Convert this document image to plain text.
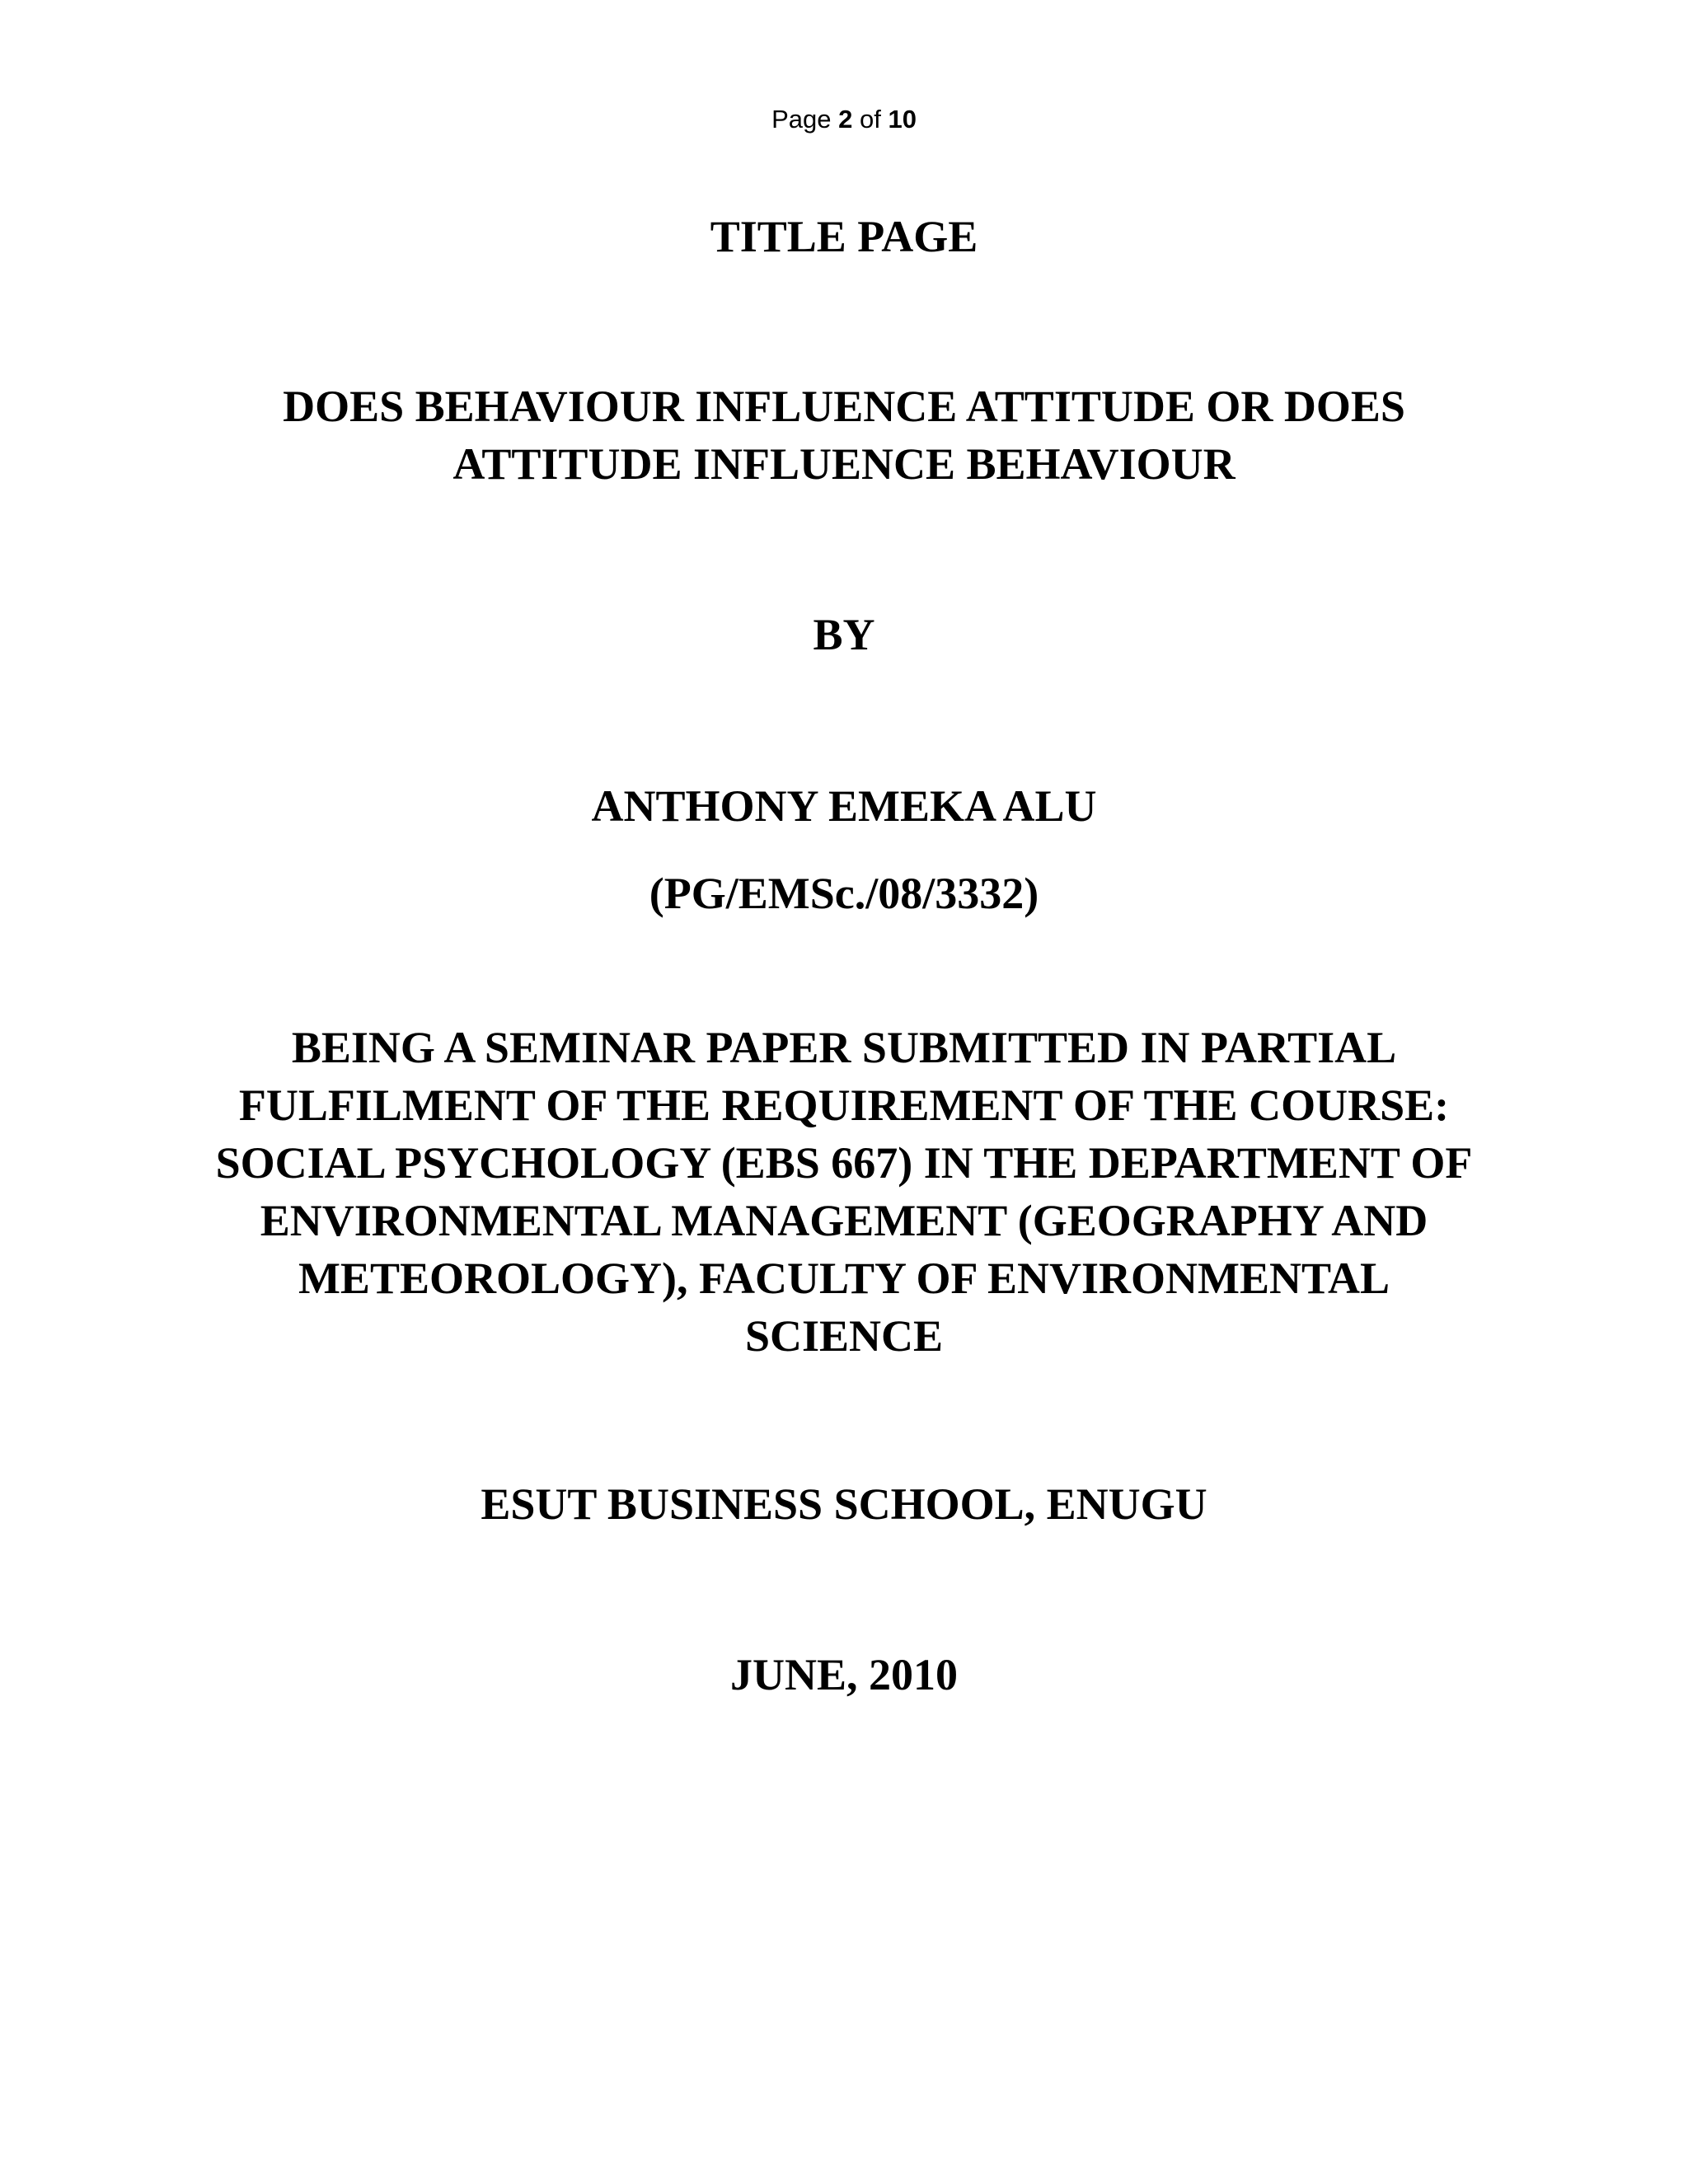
Page 2 of 10
TITLE PAGE
DOES BEHAVIOUR INFLUENCE ATTITUDE OR DOES
ATTITUDE INFLUENCE BEHAVIOUR
BY
ANTHONY EMEKA ALU
(PG/EMSc./08/3332)
BEING A SEMINAR PAPER SUBMITTED IN PARTIAL
FULFILMENT OF THE REQUIREMENT OF THE COURSE:
SOCIAL PSYCHOLOGY (EBS 667) IN THE DEPARTMENT OF
ENVIRONMENTAL MANAGEMENT (GEOGRAPHY AND
METEOROLOGY), FACULTY OF ENVIRONMENTAL
SCIENCE
ESUT BUSINESS SCHOOL, ENUGU
JUNE, 2010
